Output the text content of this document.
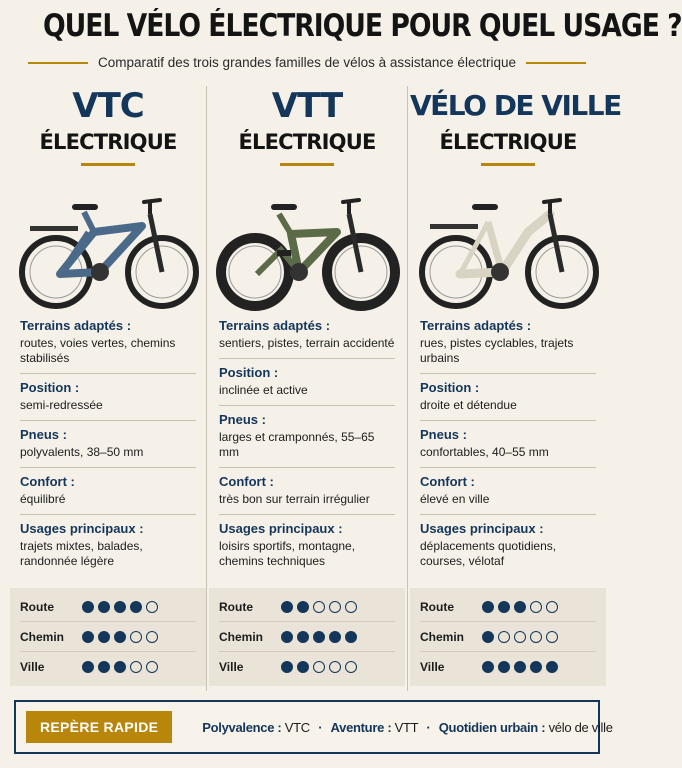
QUEL VÉLO ÉLECTRIQUE POUR QUEL USAGE ?
Comparatif des trois grandes familles de vélos à assistance électrique
VTC
ÉLECTRIQUE
Terrains adaptés :
routes, voies vertes, chemins stabilisés
Position :
semi-redressée
Pneus :
polyvalents, 38–50 mm
Confort :
équilibré
Usages principaux :
trajets mixtes, balades, randonnée légère
Route
Chemin
Ville
VTT
ÉLECTRIQUE
Terrains adaptés :
sentiers, pistes, terrain accidenté
Position :
inclinée et active
Pneus :
larges et cramponnés, 55–65 mm
Confort :
très bon sur terrain irrégulier
Usages principaux :
loisirs sportifs, montagne, chemins techniques
Route
Chemin
Ville
VÉLO DE VILLE
ÉLECTRIQUE
Terrains adaptés :
rues, pistes cyclables, trajets urbains
Position :
droite et détendue
Pneus :
confortables, 40–55 mm
Confort :
élevé en ville
Usages principaux :
déplacements quotidiens, courses, vélotaf
Route
Chemin
Ville
REPÈRE RAPIDE	Polyvalence : VTC · Aventure : VTT · Quotidien urbain : vélo de ville
